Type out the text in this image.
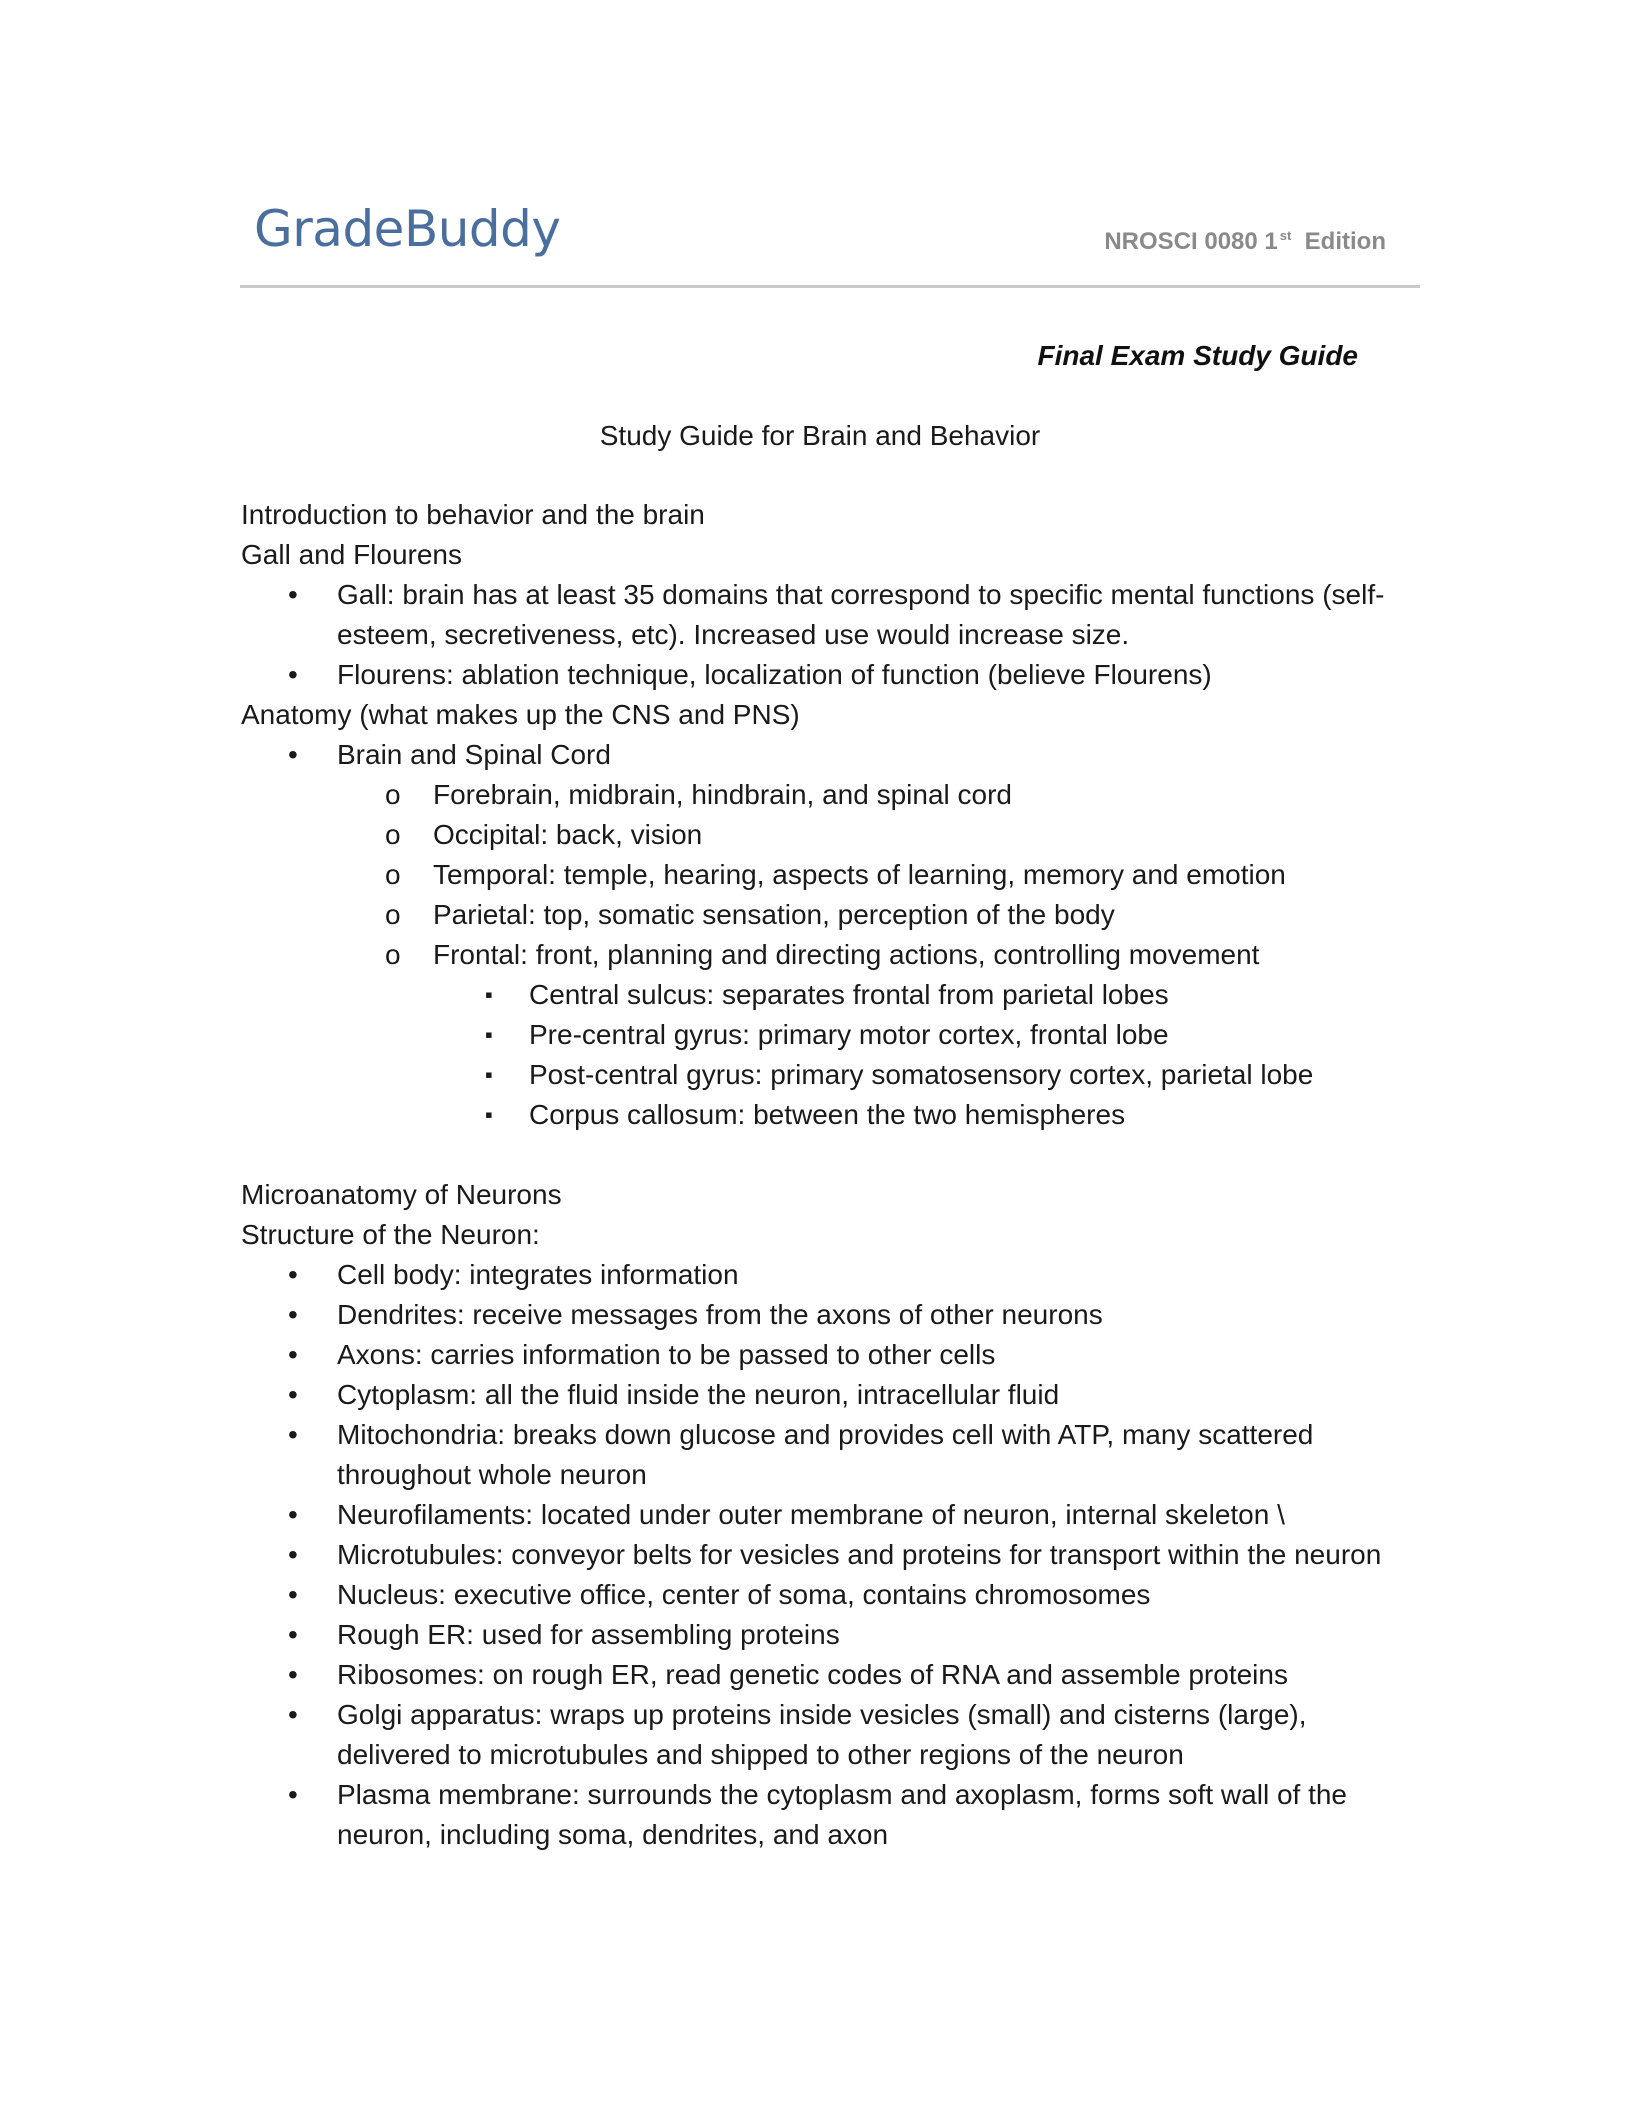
GradeBuddy	NROSCI 0080 1 $^{st}$ Edition
Final Exam Study Guide
Study Guide for Brain and Behavior

Introduction to behavior and the brain

Gall and Flourens

•	Gall: brain has at least 35 domains that correspond to specific mental functions (self-esteem, secretiveness, etc). Increased use would increase size.
•	Flourens: ablation technique, localization of function (believe Flourens)

Anatomy (what makes up the CNS and PNS)

•	Brain and Spinal Cord
o	Forebrain, midbrain, hindbrain, and spinal cord
o	Occipital: back, vision
o	Temporal: temple, hearing, aspects of learning, memory and emotion
o	Parietal: top, somatic sensation, perception of the body
o	Frontal: front, planning and directing actions, controlling movement
▪	Central sulcus: separates frontal from parietal lobes
▪	Pre-central gyrus: primary motor cortex, frontal lobe
▪	Post-central gyrus: primary somatosensory cortex, parietal lobe
▪	Corpus callosum: between the two hemispheres

Microanatomy of Neurons

Structure of the Neuron:

•	Cell body: integrates information
•	Dendrites: receive messages from the axons of other neurons
•	Axons: carries information to be passed to other cells
•	Cytoplasm: all the fluid inside the neuron, intracellular fluid
•	Mitochondria: breaks down glucose and provides cell with ATP, many scattered throughout whole neuron
•	Neurofilaments: located under outer membrane of neuron, internal skeleton \
•	Microtubules: conveyor belts for vesicles and proteins for transport within the neuron
•	Nucleus: executive office, center of soma, contains chromosomes
•	Rough ER: used for assembling proteins
•	Ribosomes: on rough ER, read genetic codes of RNA and assemble proteins
•	Golgi apparatus: wraps up proteins inside vesicles (small) and cisterns (large), delivered to microtubules and shipped to other regions of the neuron
•	Plasma membrane: surrounds the cytoplasm and axoplasm, forms soft wall of the neuron, including soma, dendrites, and axon
